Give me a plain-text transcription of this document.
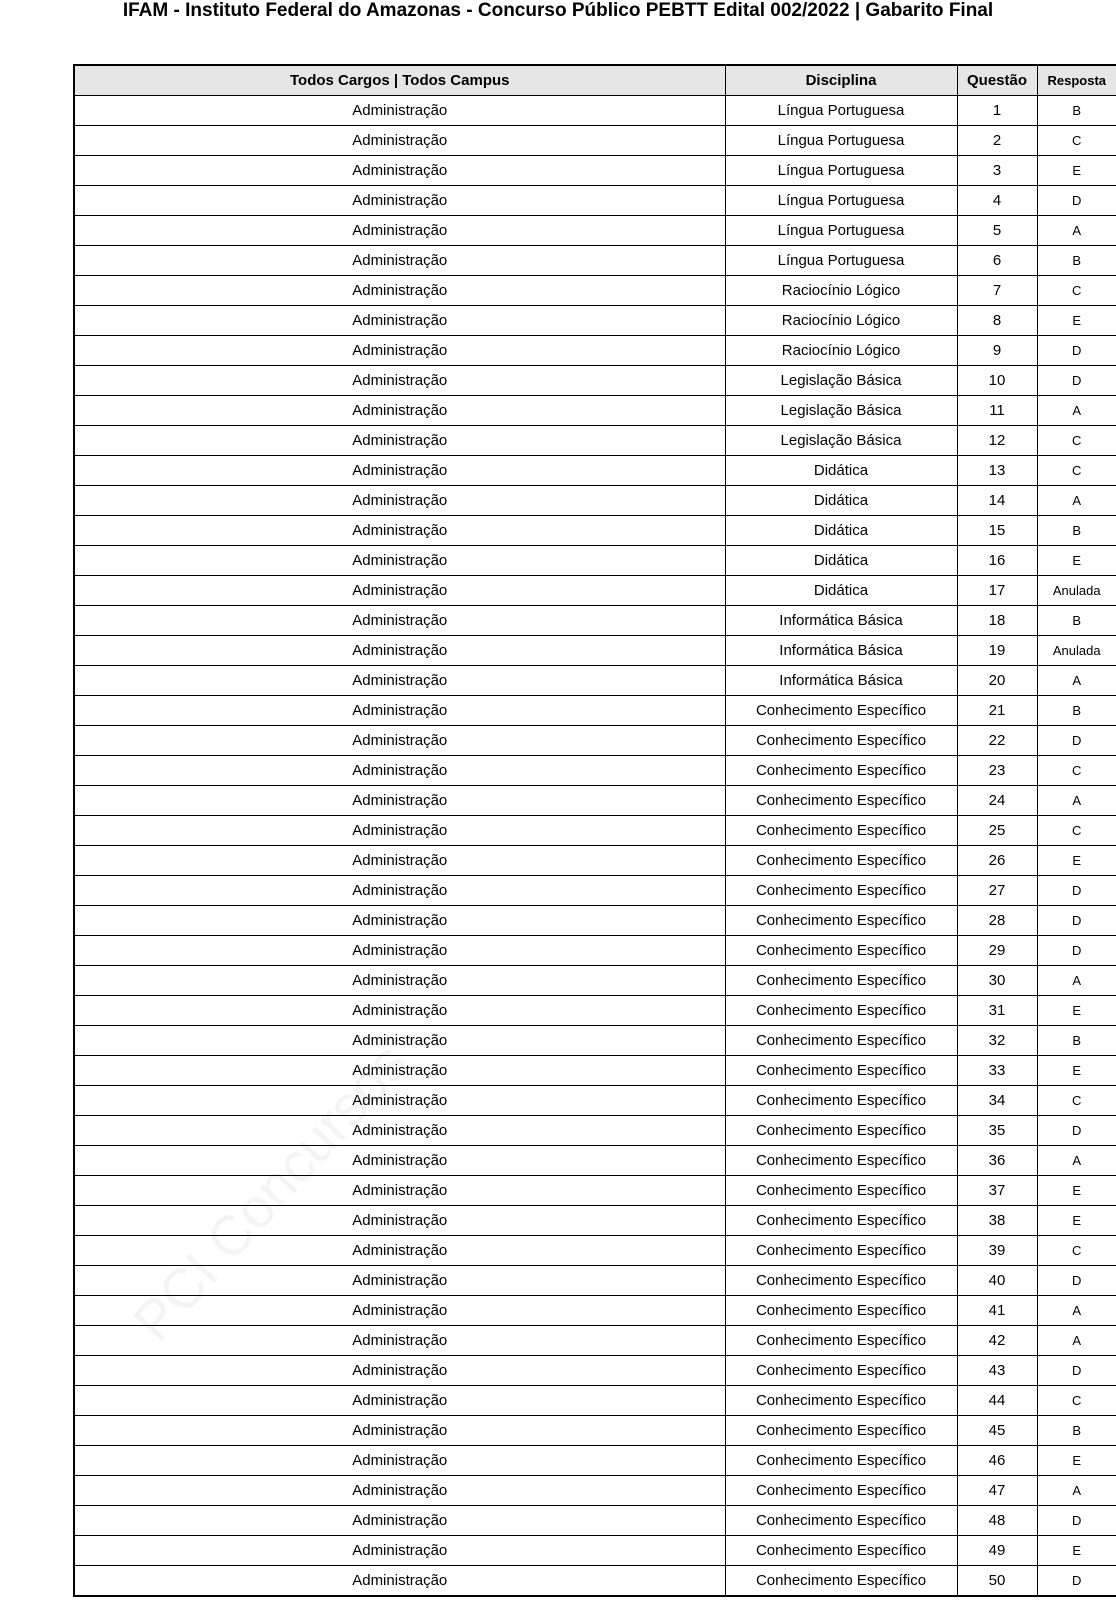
IFAM - Instituto Federal do Amazonas - Concurso Público PEBTT Edital 002/2022 | Gabarito Final
Todos Cargos | Todos Campus	Disciplina	Questão	Resposta
Administração	Língua Portuguesa	1	B
Administração	Língua Portuguesa	2	C
Administração	Língua Portuguesa	3	E
Administração	Língua Portuguesa	4	D
Administração	Língua Portuguesa	5	A
Administração	Língua Portuguesa	6	B
Administração	Raciocínio Lógico	7	C
Administração	Raciocínio Lógico	8	E
Administração	Raciocínio Lógico	9	D
Administração	Legislação Básica	10	D
Administração	Legislação Básica	11	A
Administração	Legislação Básica	12	C
Administração	Didática	13	C
Administração	Didática	14	A
Administração	Didática	15	B
Administração	Didática	16	E
Administração	Didática	17	Anulada
Administração	Informática Básica	18	B
Administração	Informática Básica	19	Anulada
Administração	Informática Básica	20	A
Administração	Conhecimento Específico	21	B
Administração	Conhecimento Específico	22	D
Administração	Conhecimento Específico	23	C
Administração	Conhecimento Específico	24	A
Administração	Conhecimento Específico	25	C
Administração	Conhecimento Específico	26	E
Administração	Conhecimento Específico	27	D
Administração	Conhecimento Específico	28	D
Administração	Conhecimento Específico	29	D
Administração	Conhecimento Específico	30	A
Administração	Conhecimento Específico	31	E
Administração	Conhecimento Específico	32	B
Administração	Conhecimento Específico	33	E
Administração	Conhecimento Específico	34	C
Administração	Conhecimento Específico	35	D
Administração	Conhecimento Específico	36	A
Administração	Conhecimento Específico	37	E
Administração	Conhecimento Específico	38	E
Administração	Conhecimento Específico	39	C
Administração	Conhecimento Específico	40	D
Administração	Conhecimento Específico	41	A
Administração	Conhecimento Específico	42	A
Administração	Conhecimento Específico	43	D
Administração	Conhecimento Específico	44	C
Administração	Conhecimento Específico	45	B
Administração	Conhecimento Específico	46	E
Administração	Conhecimento Específico	47	A
Administração	Conhecimento Específico	48	D
Administração	Conhecimento Específico	49	E
Administração	Conhecimento Específico	50	D
